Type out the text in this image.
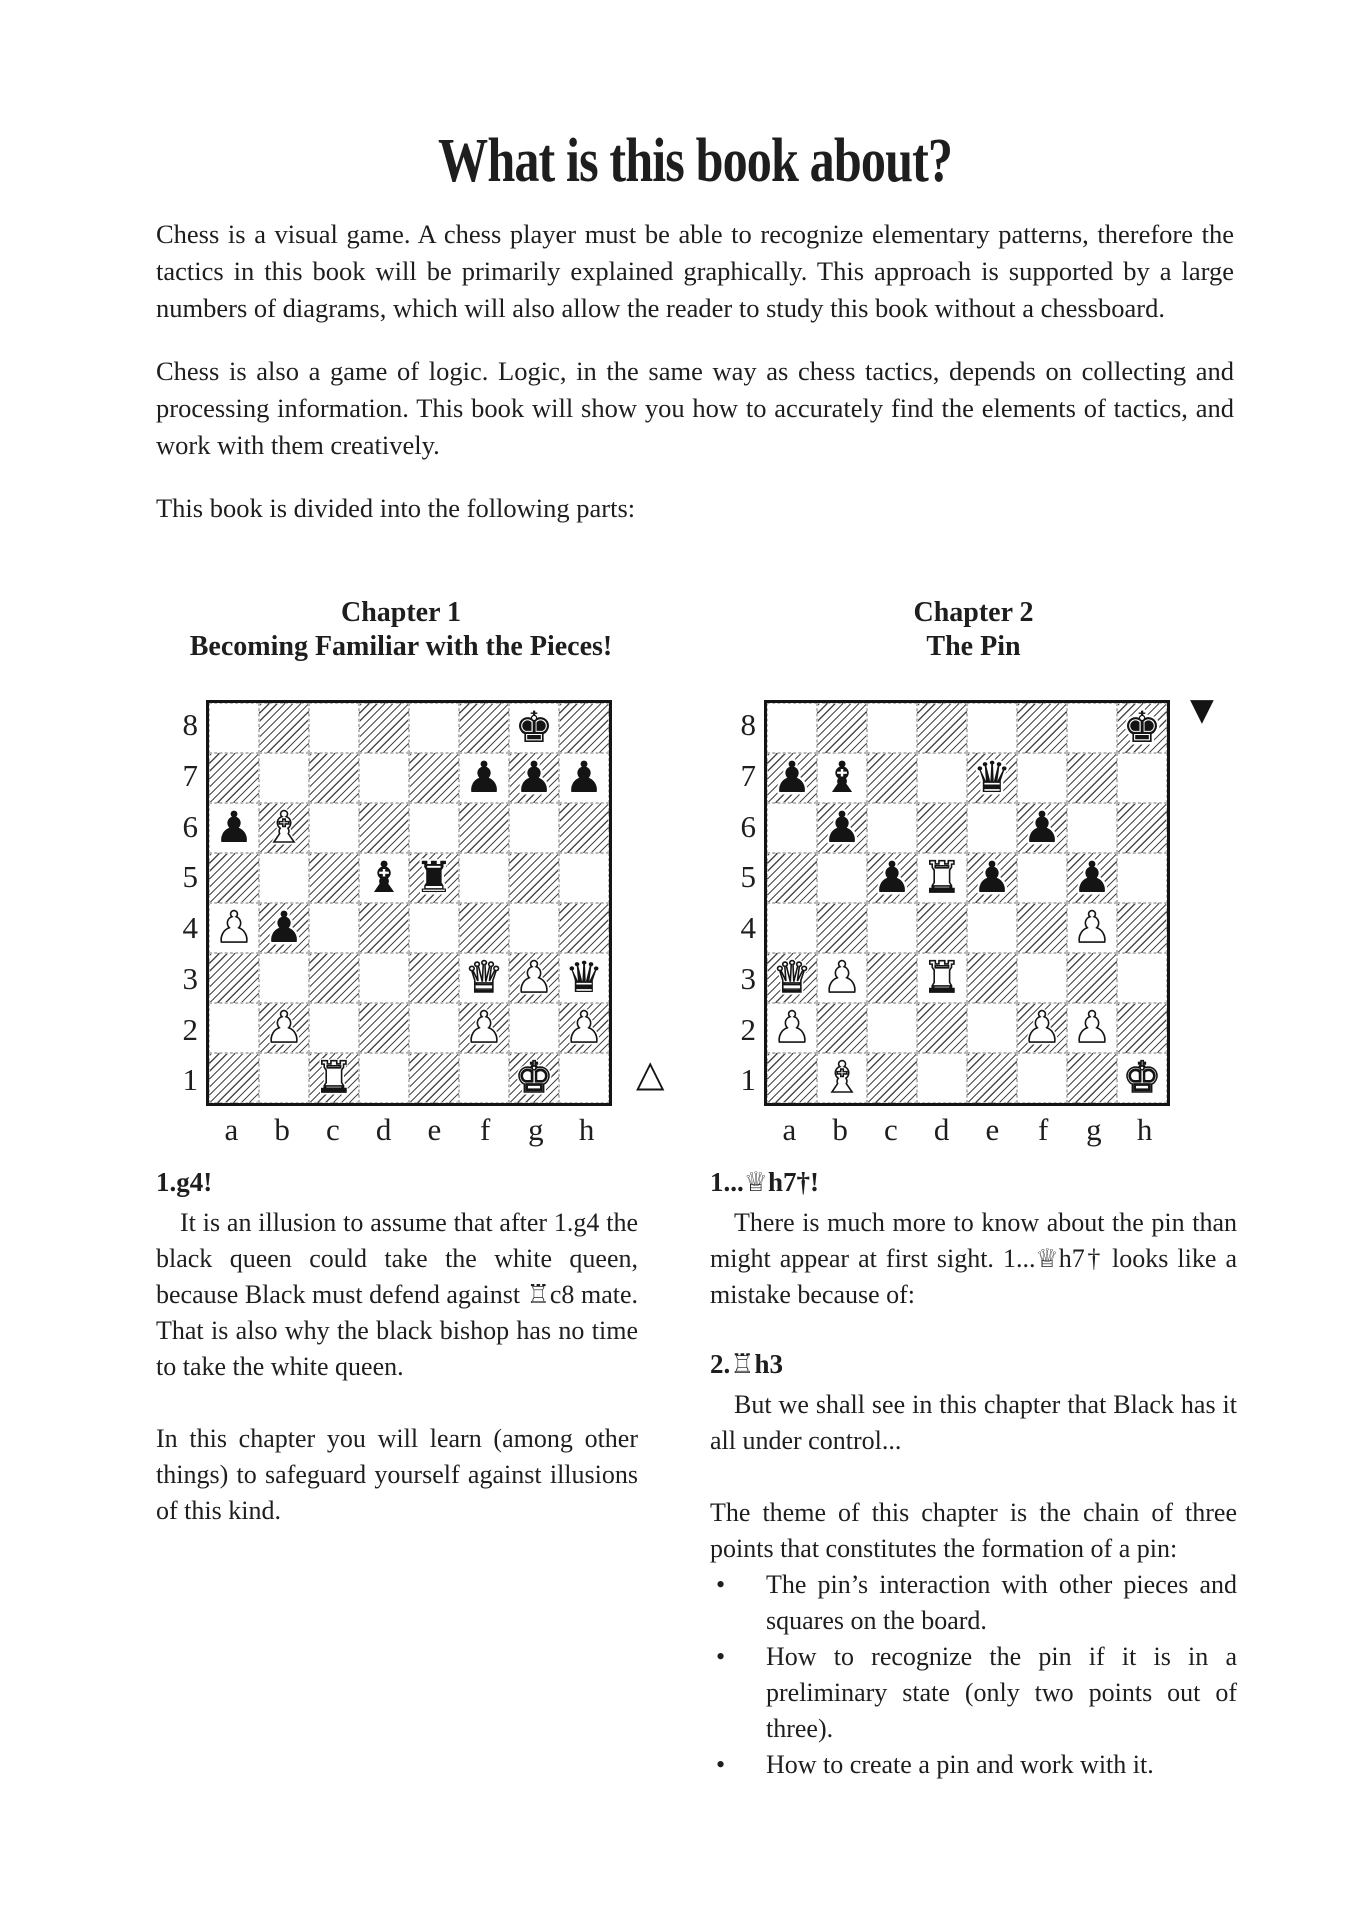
What is this book about?

Chess is a visual game. A chess player must be able to recognize elementary patterns, therefore the tactics in this book will be primarily explained graphically. This approach is supported by a large numbers of diagrams, which will also allow the reader to study this book without a chessboard.

Chess is also a game of logic. Logic, in the same way as chess tactics, depends on collecting and processing information. This book will show you how to accurately find the elements of tactics, and work with them creatively.

This book is divided into the following parts:

Chapter 1
Becoming Familiar with the Pieces!
Chapter 2
The Pin
8
7
6
5
4
3
2
1
♚
♟ ♟ ♟
♟ ♝
♝ ♜
♟ ♟
♛ ♟ ♛
♟	♟ ♟
♜	♚
a	b	c	d	e	f	g	h
△
8
7
6
5
4
3
2
1
♚
♟ ♝	♛
♟	♟
♟ ♜ ♟ ♟
♟
♛ ♟ ♜
♟	♟ ♟
♝	♚
a	b	c	d	e	f	g	h
▼
1.g4!

It is an illusion to assume that after 1.g4 the black queen could take the white queen, because Black must defend against ♖c8 mate. That is also why the black bishop has no time to take the white queen.

In this chapter you will learn (among other things) to safeguard yourself against illusions of this kind.

1...♕h7†!

There is much more to know about the pin than might appear at first sight. 1...♕h7† looks like a mistake because of:

2.♖h3

But we shall see in this chapter that Black has it all under control...

The theme of this chapter is the chain of three points that constitutes the formation of a pin:

•	The pin’s interaction with other pieces and squares on the board.
•	How to recognize the pin if it is in a preliminary state (only two points out of three).
•	How to create a pin and work with it.
